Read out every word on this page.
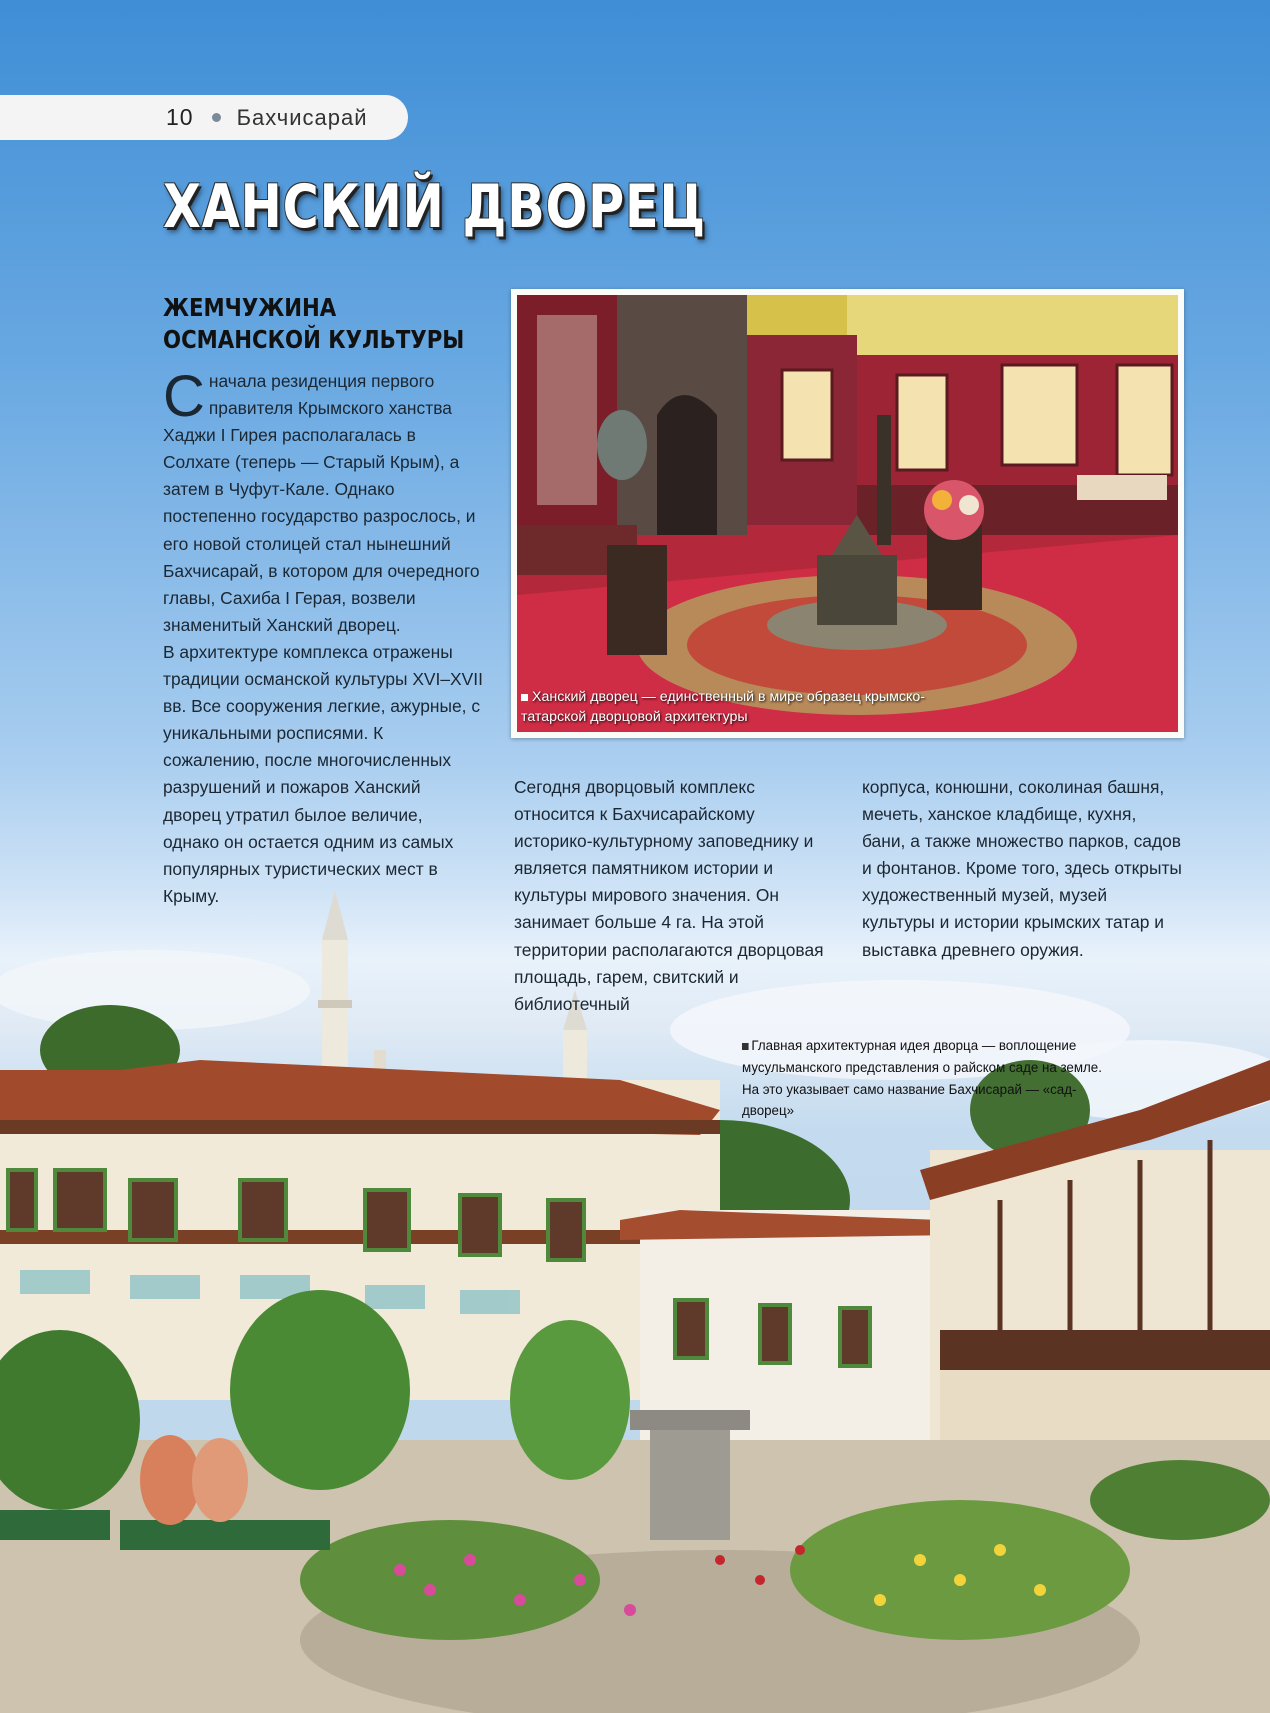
10 Бахчисарай
ХАНСКИЙ ДВОРЕЦ
ЖЕМЧУЖИНА
ОСМАНСКОЙ КУЛЬТУРЫ

Сначала резиденция первого правителя Крымского ханства Хаджи I Гирея располагалась в Солхате (теперь — Старый Крым), а затем в Чуфут-Кале. Однако постепенно государство разрослось, и его новой столицей стал нынешний Бахчисарай, в котором для очередного главы, Сахиба I Герая, возвели знаменитый Ханский дворец.

В архитектуре комплекса отражены традиции османской культуры XVI–XVII вв. Все сооружения легкие, ажурные, с уникальными росписями. К сожалению, после многочисленных разрушений и пожаров Ханский дворец утратил былое величие, однако он остается одним из самых популярных туристических мест в Крыму.

Ханский дворец — единственный в мире образец крымско-татарской дворцовой архитектуры

Сегодня дворцовый комплекс относится к Бахчисарайскому историко-культурному заповеднику и является памятником истории и культуры мирового значения. Он занимает больше 4 га. На этой территории располагаются дворцовая площадь, гарем, свитский и библиотечный

корпуса, конюшни, соколиная башня, мечеть, ханское кладбище, кухня, бани, а также множество парков, садов и фонтанов. Кроме того, здесь открыты художественный музей, музей культуры и истории крымских татар и выставка древнего оружия.

Главная архитектурная идея дворца — воплощение мусульманского представления о райском саде на земле. На это указывает само название Бахчисарай — «сад-дворец»
